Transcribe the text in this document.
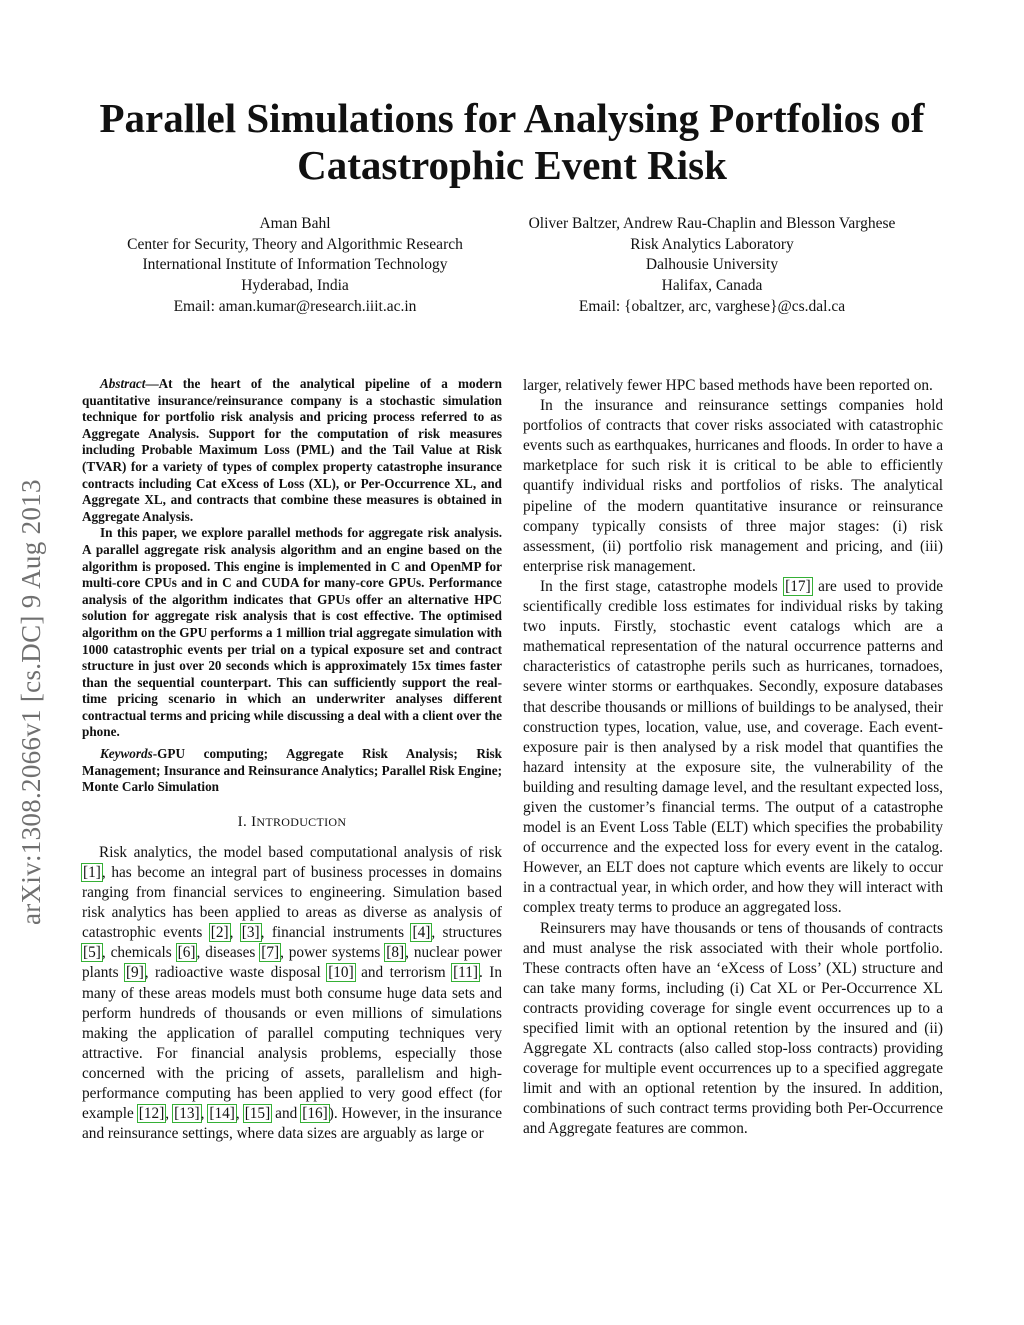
arXiv:1308.2066v1 [cs.DC] 9 Aug 2013
Parallel Simulations for Analysing Portfolios of Catastrophic Event Risk
Aman Bahl
Center for Security, Theory and Algorithmic Research
International Institute of Information Technology
Hyderabad, India
Email: aman.kumar@research.iiit.ac.in
Oliver Baltzer, Andrew Rau-Chaplin and Blesson Varghese
Risk Analytics Laboratory
Dalhousie University
Halifax, Canada
Email: {obaltzer, arc, varghese}@cs.dal.ca

Abstract—At the heart of the analytical pipeline of a modern quantitative insurance/reinsurance company is a stochastic simulation technique for portfolio risk analysis and pricing process referred to as Aggregate Analysis. Support for the computation of risk measures including Probable Maximum Loss (PML) and the Tail Value at Risk (TVAR) for a variety of types of complex property catastrophe insurance contracts including Cat eXcess of Loss (XL), or Per-Occurrence XL, and Aggregate XL, and contracts that combine these measures is obtained in Aggregate Analysis.

In this paper, we explore parallel methods for aggregate risk analysis. A parallel aggregate risk analysis algorithm and an engine based on the algorithm is proposed. This engine is implemented in C and OpenMP for multi-core CPUs and in C and CUDA for many-core GPUs. Performance analysis of the algorithm indicates that GPUs offer an alternative HPC solution for aggregate risk analysis that is cost effective. The optimised algorithm on the GPU performs a 1 million trial aggregate simulation with 1000 catastrophic events per trial on a typical exposure set and contract structure in just over 20 seconds which is approximately 15x times faster than the sequential counterpart. This can sufficiently support the real-time pricing scenario in which an underwriter analyses different contractual terms and pricing while discussing a deal with a client over the phone.

Keywords-GPU computing; Aggregate Risk Analysis; Risk Management; Insurance and Reinsurance Analytics; Parallel Risk Engine; Monte Carlo Simulation
I. INTRODUCTION

Risk analytics, the model based computational analysis of risk [1], has become an integral part of business processes in domains ranging from financial services to engineering. Simulation based risk analytics has been applied to areas as diverse as analysis of catastrophic events [2], [3], financial instruments [4], structures [5], chemicals [6], diseases [7], power systems [8], nuclear power plants [9], radioactive waste disposal [10] and terrorism [11]. In many of these areas models must both consume huge data sets and perform hundreds of thousands or even millions of simulations making the application of parallel computing techniques very attractive. For financial analysis problems, especially those concerned with the pricing of assets, parallelism and high-performance computing has been applied to very good effect (for example [12], [13], [14], [15] and [16]). However, in the insurance and reinsurance settings, where data sizes are arguably as large or

larger, relatively fewer HPC based methods have been reported on.

In the insurance and reinsurance settings companies hold portfolios of contracts that cover risks associated with catastrophic events such as earthquakes, hurricanes and floods. In order to have a marketplace for such risk it is critical to be able to efficiently quantify individual risks and portfolios of risks. The analytical pipeline of the modern quantitative insurance or reinsurance company typically consists of three major stages: (i) risk assessment, (ii) portfolio risk management and pricing, and (iii) enterprise risk management.

In the first stage, catastrophe models [17] are used to provide scientifically credible loss estimates for individual risks by taking two inputs. Firstly, stochastic event catalogs which are a mathematical representation of the natural occurrence patterns and characteristics of catastrophe perils such as hurricanes, tornadoes, severe winter storms or earthquakes. Secondly, exposure databases that describe thousands or millions of buildings to be analysed, their construction types, location, value, use, and coverage. Each event-exposure pair is then analysed by a risk model that quantifies the hazard intensity at the exposure site, the vulnerability of the building and resulting damage level, and the resultant expected loss, given the customer’s financial terms. The output of a catastrophe model is an Event Loss Table (ELT) which specifies the probability of occurrence and the expected loss for every event in the catalog. However, an ELT does not capture which events are likely to occur in a contractual year, in which order, and how they will interact with complex treaty terms to produce an aggregated loss.

Reinsurers may have thousands or tens of thousands of contracts and must analyse the risk associated with their whole portfolio. These contracts often have an ‘eXcess of Loss’ (XL) structure and can take many forms, including (i) Cat XL or Per-Occurrence XL contracts providing coverage for single event occurrences up to a specified limit with an optional retention by the insured and (ii) Aggregate XL contracts (also called stop-loss contracts) providing coverage for multiple event occurrences up to a specified aggregate limit and with an optional retention by the insured. In addition, combinations of such contract terms providing both Per-Occurrence and Aggregate features are common.
